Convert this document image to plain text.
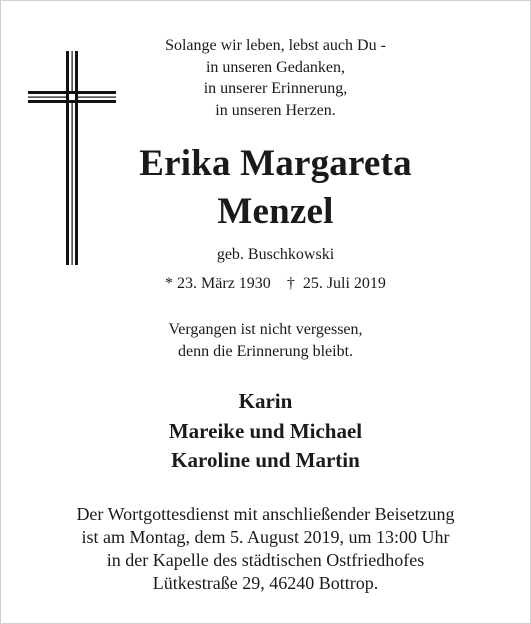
Solange wir leben, lebst auch Du -
in unseren Gedanken,
in unserer Erinnerung,
in unseren Herzen.
Erika Margareta
Menzel
geb. Buschkowski
* 23. März 1930 † 25. Juli 2019
Vergangen ist nicht vergessen,
denn die Erinnerung bleibt.
Karin
Mareike und Michael
Karoline und Martin
Der Wortgottesdienst mit anschließender Beisetzung
ist am Montag, dem 5. August 2019, um 13:00 Uhr
in der Kapelle des städtischen Ostfriedhofes
Lütkestraße 29, 46240 Bottrop.
